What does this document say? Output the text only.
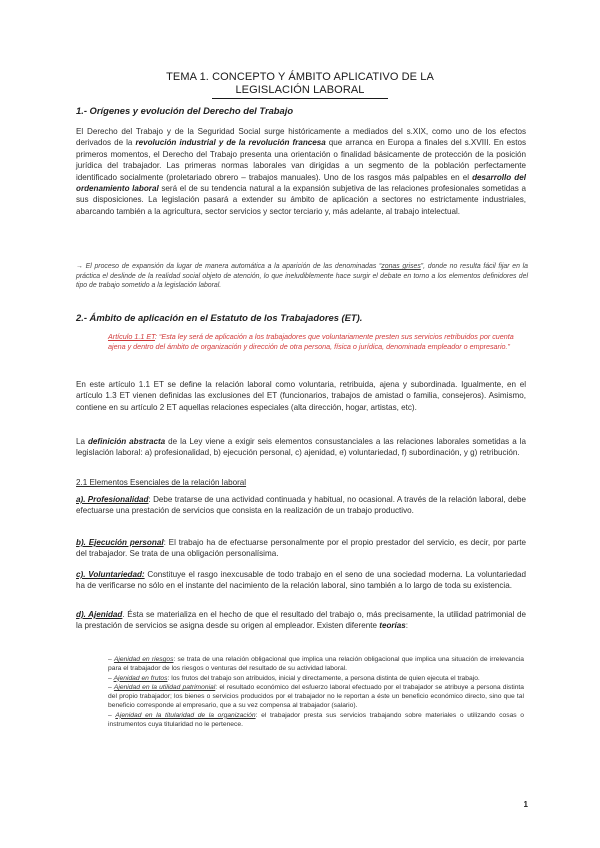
TEMA 1. CONCEPTO Y ÁMBITO APLICATIVO DE LA
LEGISLACIÓN LABORAL
1.- Orígenes y evolución del Derecho del Trabajo
El Derecho del Trabajo y de la Seguridad Social surge históricamente a mediados del s.XIX, como uno de los efectos derivados de la revolución industrial y de la revolución francesa que arranca en Europa a finales del s.XVIII. En estos primeros momentos, el Derecho del Trabajo presenta una orientación o finalidad básicamente de protección de la posición jurídica del trabajador. Las primeras normas laborales van dirigidas a un segmento de la población perfectamente identificado socialmente (proletariado obrero – trabajos manuales). Uno de los rasgos más palpables en el desarrollo del ordenamiento laboral será el de su tendencia natural a la expansión subjetiva de las relaciones profesionales sometidas a sus disposiciones. La legislación pasará a extender su ámbito de aplicación a sectores no estrictamente industriales, abarcando también a la agricultura, sector servicios y sector terciario y, más adelante, al trabajo intelectual.
→ El proceso de expansión da lugar de manera automática a la aparición de las denominadas “zonas grises”, donde no resulta fácil fijar en la práctica el deslinde de la realidad social objeto de atención, lo que ineludiblemente hace surgir el debate en torno a los elementos definidores del tipo de trabajo sometido a la legislación laboral.
2.- Ámbito de aplicación en el Estatuto de los Trabajadores (ET).
Artículo 1.1 ET: “Esta ley será de aplicación a los trabajadores que voluntariamente presten sus servicios retribuidos por cuenta ajena y dentro del ámbito de organización y dirección de otra persona, física o jurídica, denominada empleador o empresario.”
En este artículo 1.1 ET se define la relación laboral como voluntaria, retribuida, ajena y subordinada. Igualmente, en el artículo 1.3 ET vienen definidas las exclusiones del ET (funcionarios, trabajos de amistad o familia, consejeros). Asimismo, contiene en su artículo 2 ET aquellas relaciones especiales (alta dirección, hogar, artistas, etc).
La definición abstracta de la Ley viene a exigir seis elementos consustanciales a las relaciones laborales sometidas a la legislación laboral: a) profesionalidad, b) ejecución personal, c) ajenidad, e) voluntariedad, f) subordinación, y g) retribución.
2.1 Elementos Esenciales de la relación laboral
a). Profesionalidad: Debe tratarse de una actividad continuada y habitual, no ocasional. A través de la relación laboral, debe efectuarse una prestación de servicios que consista en la realización de un trabajo productivo.
b). Ejecución personal: El trabajo ha de efectuarse personalmente por el propio prestador del servicio, es decir, por parte del trabajador. Se trata de una obligación personalísima.
c). Voluntariedad: Constituye el rasgo inexcusable de todo trabajo en el seno de una sociedad moderna. La voluntariedad ha de verificarse no sólo en el instante del nacimiento de la relación laboral, sino también a lo largo de toda su existencia.
d). Ajenidad. Ésta se materializa en el hecho de que el resultado del trabajo o, más precisamente, la utilidad patrimonial de la prestación de servicios se asigna desde su origen al empleador. Existen diferente teorías:
– Ajenidad en riesgos: se trata de una relación obligacional que implica una relación obligacional que implica una situación de irrelevancia para el trabajador de los riesgos o venturas del resultado de su actividad laboral.
– Ajenidad en frutos: los frutos del trabajo son atribuidos, inicial y directamente, a persona distinta de quien ejecuta el trabajo.
– Ajenidad en la utilidad patrimonial: el resultado económico del esfuerzo laboral efectuado por el trabajador se atribuye a persona distinta del propio trabajador; los bienes o servicios producidos por el trabajador no le reportan a éste un beneficio económico directo, sino que tal beneficio corresponde al empresario, que a su vez compensa al trabajador (salario).
– Ajenidad en la titularidad de la organización: el trabajador presta sus servicios trabajando sobre materiales o utilizando cosas o instrumentos cuya titularidad no le pertenece.
1
